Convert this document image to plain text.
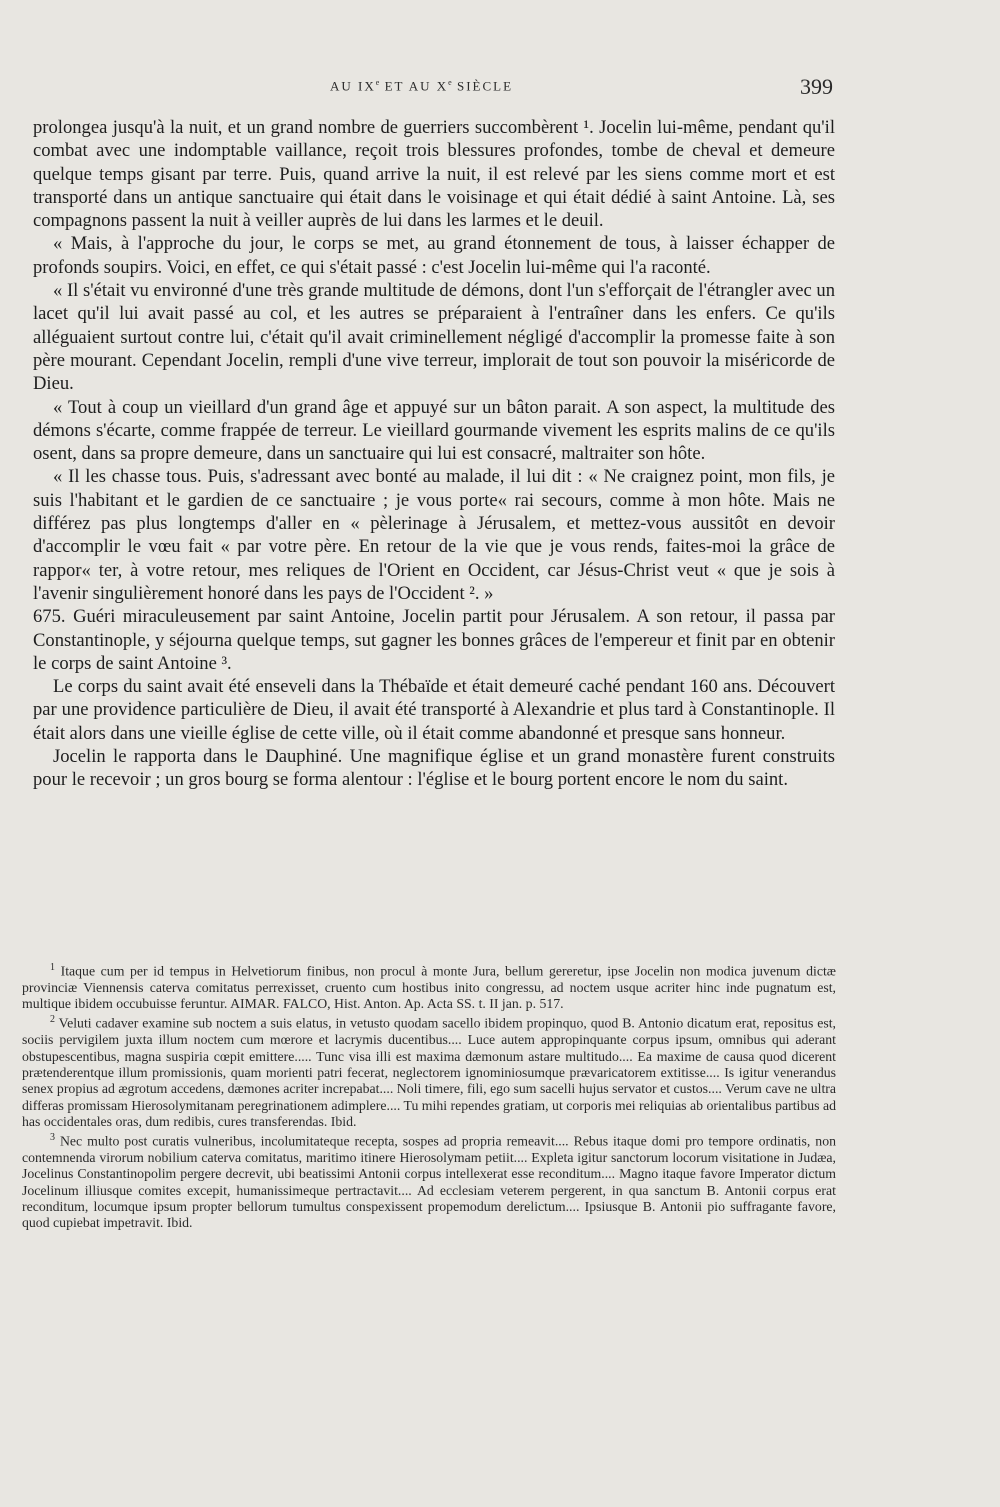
AU IXe ET AU Xe SIÈCLE	399

prolongea jusqu'à la nuit, et un grand nombre de guerriers succombèrent ¹. Jocelin lui-même, pendant qu'il combat avec une indomptable vaillance, reçoit trois blessures profondes, tombe de cheval et demeure quelque temps gisant par terre. Puis, quand arrive la nuit, il est relevé par les siens comme mort et est transporté dans un antique sanctuaire qui était dans le voisinage et qui était dédié à saint Antoine. Là, ses compagnons passent la nuit à veiller auprès de lui dans les larmes et le deuil.

« Mais, à l'approche du jour, le corps se met, au grand étonnement de tous, à laisser échapper de profonds soupirs. Voici, en effet, ce qui s'était passé : c'est Jocelin lui-même qui l'a raconté.

« Il s'était vu environné d'une très grande multitude de démons, dont l'un s'efforçait de l'étrangler avec un lacet qu'il lui avait passé au col, et les autres se préparaient à l'entraîner dans les enfers. Ce qu'ils alléguaient surtout contre lui, c'était qu'il avait criminellement négligé d'accomplir la promesse faite à son père mourant. Cependant Jocelin, rempli d'une vive terreur, implorait de tout son pouvoir la miséricorde de Dieu.

« Tout à coup un vieillard d'un grand âge et appuyé sur un bâton parait. A son aspect, la multitude des démons s'écarte, comme frappée de terreur. Le vieillard gourmande vivement les esprits malins de ce qu'ils osent, dans sa propre demeure, dans un sanctuaire qui lui est consacré, maltraiter son hôte.

« Il les chasse tous. Puis, s'adressant avec bonté au malade, il lui dit : « Ne craignez point, mon fils, je suis l'habitant et le gardien de ce sanctuaire ; je vous porte« rai secours, comme à mon hôte. Mais ne différez pas plus longtemps d'aller en « pèlerinage à Jérusalem, et mettez-vous aussitôt en devoir d'accomplir le vœu fait « par votre père. En retour de la vie que je vous rends, faites-moi la grâce de rappor« ter, à votre retour, mes reliques de l'Orient en Occident, car Jésus-Christ veut « que je sois à l'avenir singulièrement honoré dans les pays de l'Occident ². »

675. Guéri miraculeusement par saint Antoine, Jocelin partit pour Jérusalem. A son retour, il passa par Constantinople, y séjourna quelque temps, sut gagner les bonnes grâces de l'empereur et finit par en obtenir le corps de saint Antoine ³.

Le corps du saint avait été enseveli dans la Thébaïde et était demeuré caché pendant 160 ans. Découvert par une providence particulière de Dieu, il avait été transporté à Alexandrie et plus tard à Constantinople. Il était alors dans une vieille église de cette ville, où il était comme abandonné et presque sans honneur.

Jocelin le rapporta dans le Dauphiné. Une magnifique église et un grand monastère furent construits pour le recevoir ; un gros bourg se forma alentour : l'église et le bourg portent encore le nom du saint.

$^1$ Itaque cum per id tempus in Helvetiorum finibus, non procul à monte Jura, bellum gereretur, ipse Jocelin non modica juvenum dictæ provinciæ Viennensis caterva comitatus perrexisset, cruento cum hostibus inito congressu, ad noctem usque acriter hinc inde pugnatum est, multique ibidem occubuisse feruntur. AIMAR. FALCO, Hist. Anton. Ap. Acta SS. t. II jan. p. 517.

$^2$ Veluti cadaver examine sub noctem a suis elatus, in vetusto quodam sacello ibidem propinquo, quod B. Antonio dicatum erat, repositus est, sociis pervigilem juxta illum noctem cum mœrore et lacrymis ducentibus.... Luce autem appropinquante corpus ipsum, omnibus qui aderant obstupescentibus, magna suspiria cœpit emittere..... Tunc visa illi est maxima dæmonum astare multitudo.... Ea maxime de causa quod dicerent prætenderentque illum promissionis, quam morienti patri fecerat, neglectorem ignominiosumque prævaricatorem extitisse.... Is igitur venerandus senex propius ad ægrotum accedens, dæmones acriter increpabat.... Noli timere, fili, ego sum sacelli hujus servator et custos.... Verum cave ne ultra differas promissam Hierosolymitanam peregrinationem adimplere.... Tu mihi rependes gratiam, ut corporis mei reliquias ab orientalibus partibus ad has occidentales oras, dum redibis, cures transferendas. Ibid.

$^3$ Nec multo post curatis vulneribus, incolumitateque recepta, sospes ad propria remeavit.... Rebus itaque domi pro tempore ordinatis, non contemnenda virorum nobilium caterva comitatus, maritimo itinere Hierosolymam petiit.... Expleta igitur sanctorum locorum visitatione in Judæa, Jocelinus Constantinopolim pergere decrevit, ubi beatissimi Antonii corpus intellexerat esse reconditum.... Magno itaque favore Imperator dictum Jocelinum illiusque comites excepit, humanissimeque pertractavit.... Ad ecclesiam veterem pergerent, in qua sanctum B. Antonii corpus erat reconditum, locumque ipsum propter bellorum tumultus conspexissent propemodum derelictum.... Ipsiusque B. Antonii pio suffragante favore, quod cupiebat impetravit. Ibid.
